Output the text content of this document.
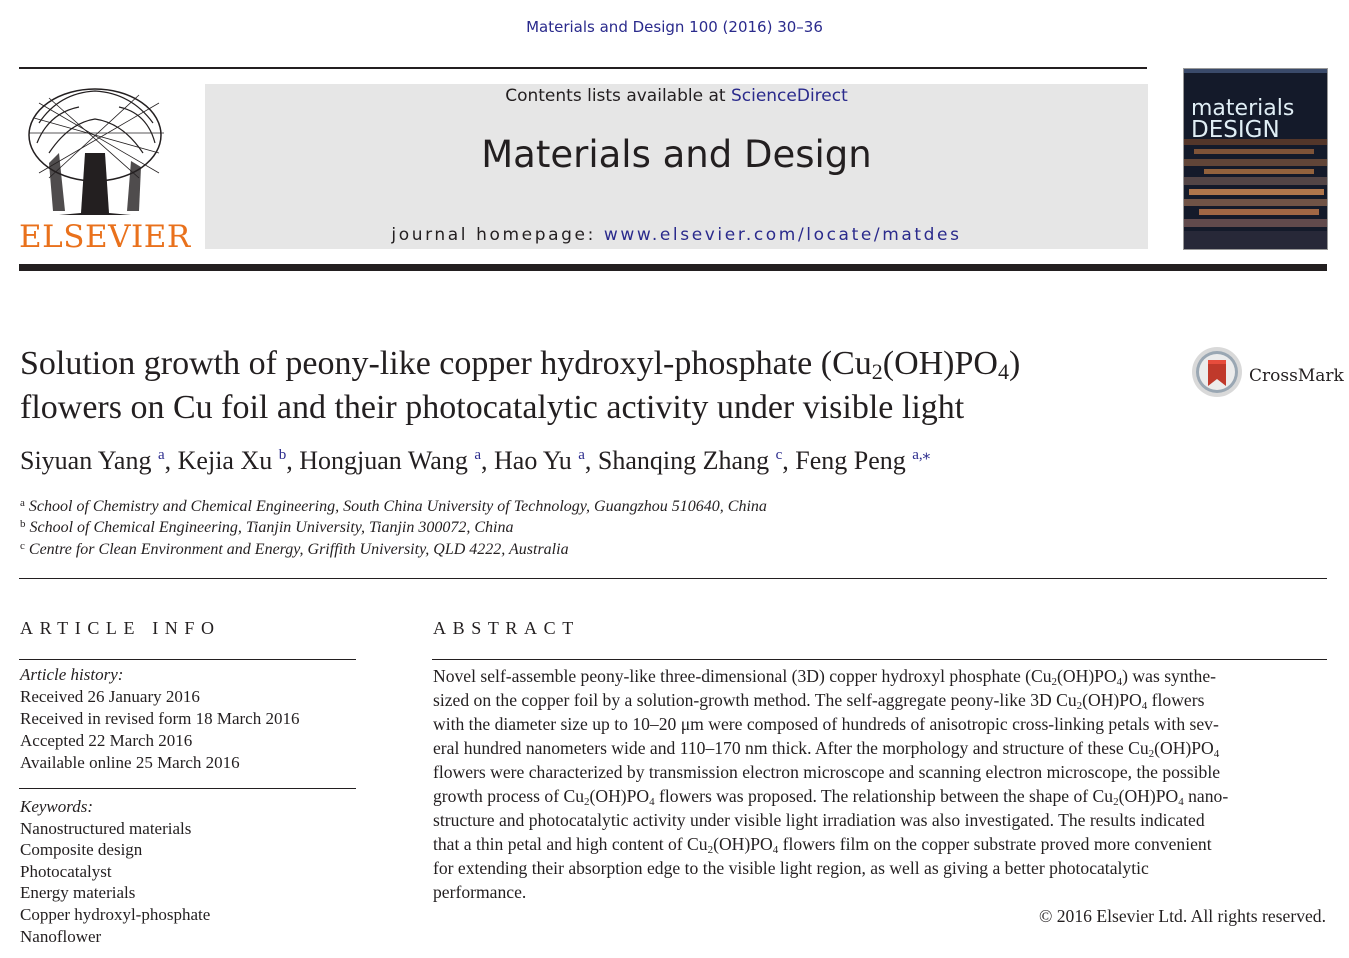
Materials and Design 100 (2016) 30–36
ELSEVIER
Contents lists available at ScienceDirect
Materials and Design
journal homepage: www.elsevier.com/locate/matdes
materials
DESIGN
Solution growth of peony-like copper hydroxyl-phosphate $(Cu_2(OH)PO_4)$
flowers on Cu foil and their photocatalytic activity under visible light
CrossMark
Siyuan Yang $^a$, Kejia Xu $^b$, Hongjuan Wang $^a$, Hao Yu $^a$, Shanqing Zhang $^c$, Feng Peng $^{a,⁎}$
$^a$ School of Chemistry and Chemical Engineering, South China University of Technology, Guangzhou 510640, China
$^b$ School of Chemical Engineering, Tianjin University, Tianjin 300072, China
$^c$ Centre for Clean Environment and Energy, Griffith University, QLD 4222, Australia
ARTICLE INFO	ABSTRACT
Article history:
Received 26 January 2016
Received in revised form 18 March 2016
Accepted 22 March 2016
Available online 25 March 2016
Keywords:
Nanostructured materials
Composite design
Photocatalyst
Energy materials
Copper hydroxyl-phosphate
Nanoflower
Novel self-assemble peony-like three-dimensional (3D) copper hydroxyl phosphate $(Cu_2(OH)PO_4)$ was synthe-
sized on the copper foil by a solution-growth method. The self-aggregate peony-like 3D $Cu_2(OH)PO_4$ flowers
with the diameter size up to 10–20 μm were composed of hundreds of anisotropic cross-linking petals with sev-
eral hundred nanometers wide and 110–170 nm thick. After the morphology and structure of these $Cu_2(OH)PO_4$
flowers were characterized by transmission electron microscope and scanning electron microscope, the possible
growth process of $Cu_2(OH)PO_4$ flowers was proposed. The relationship between the shape of $Cu_2(OH)PO_4$ nano-
structure and photocatalytic activity under visible light irradiation was also investigated. The results indicated
that a thin petal and high content of $Cu_2(OH)PO_4$ flowers film on the copper substrate proved more convenient
for extending their absorption edge to the visible light region, as well as giving a better photocatalytic
performance.
© 2016 Elsevier Ltd. All rights reserved.
